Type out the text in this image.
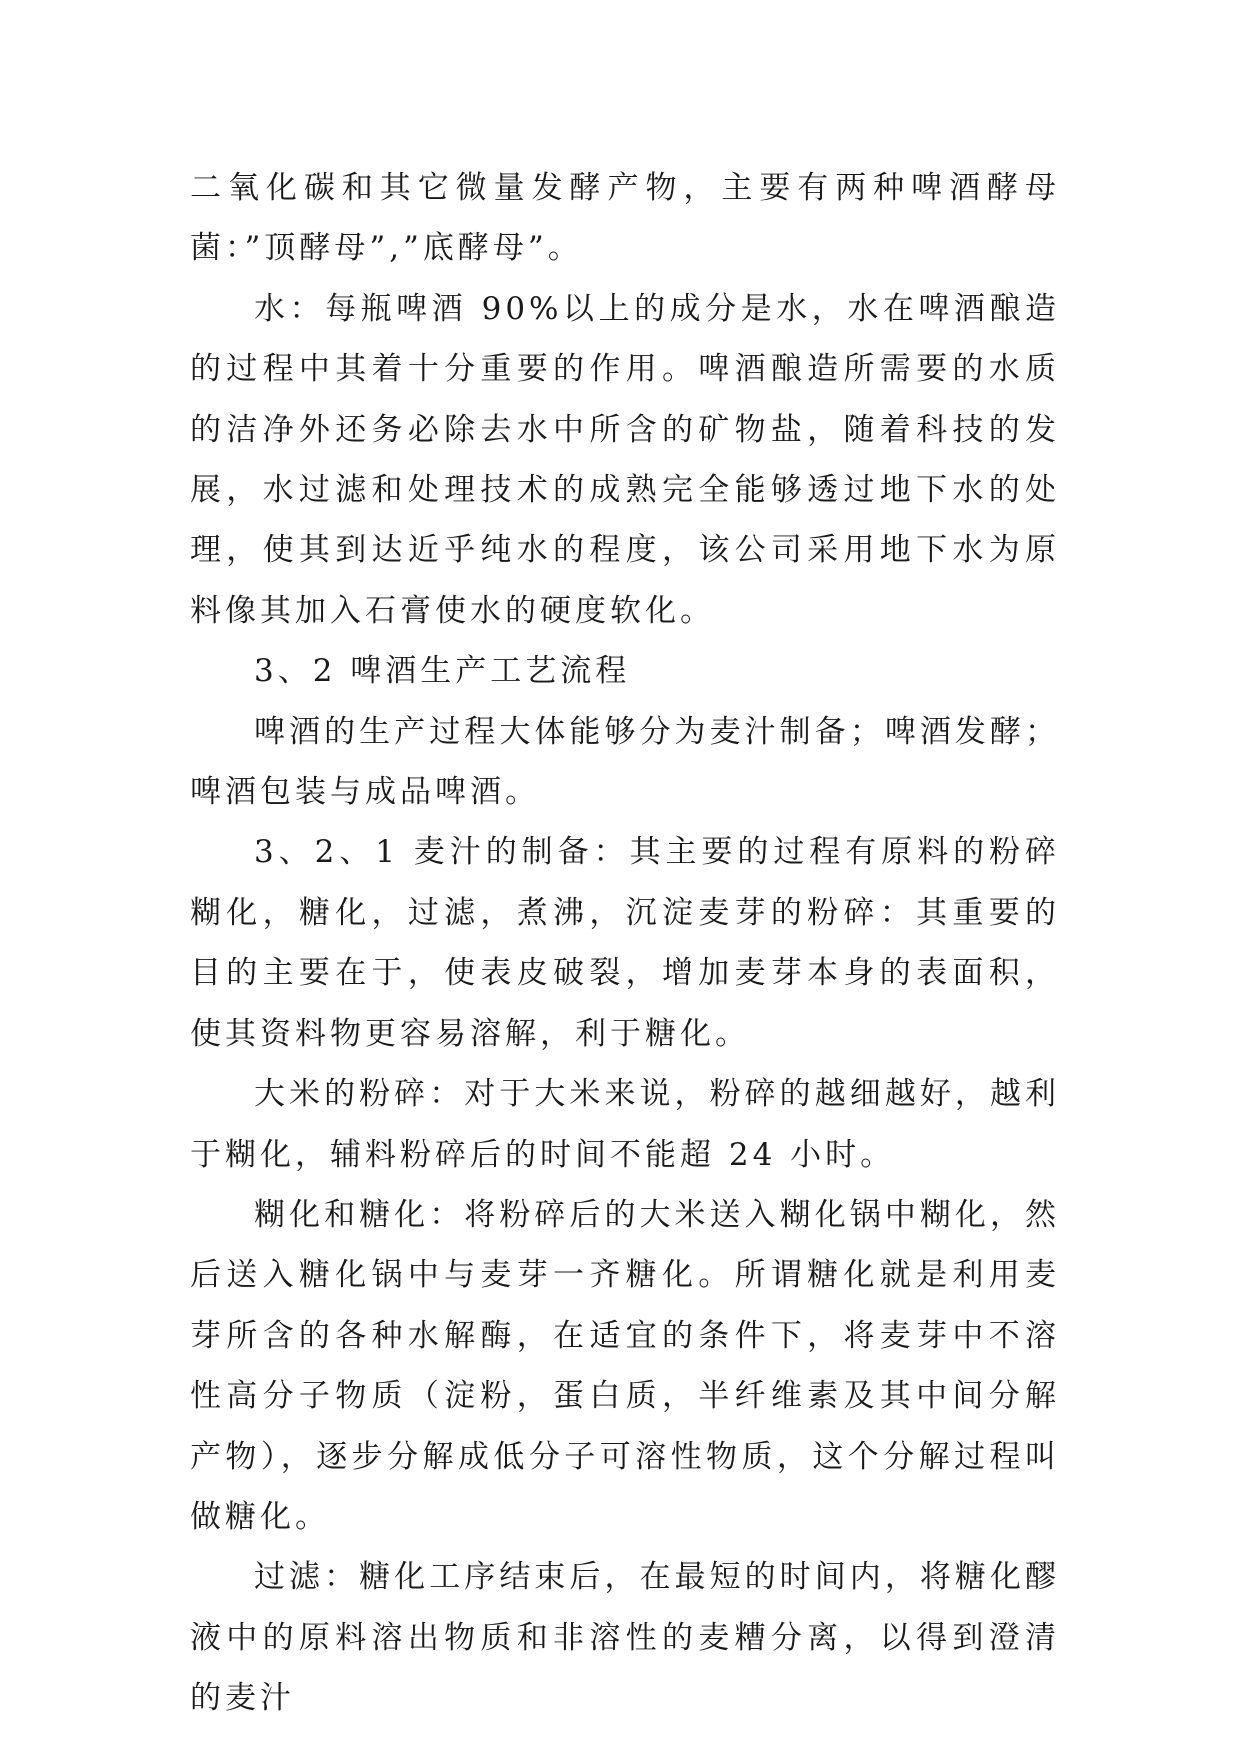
二氧化碳和其它微量发酵产物，主要有两种啤酒酵母菌：”顶酵母”,”底酵母”。

水：每瓶啤酒 90%以上的成分是水，水在啤酒酿造的过程中其着十分重要的作用。啤酒酿造所需要的水质的洁净外还务必除去水中所含的矿物盐，随着科技的发展，水过滤和处理技术的成熟完全能够透过地下水的处理，使其到达近乎纯水的程度，该公司采用地下水为原料像其加入石膏使水的硬度软化。

3、2 啤酒生产工艺流程

啤酒的生产过程大体能够分为麦汁制备；啤酒发酵；啤酒包装与成品啤酒。

3、2、1 麦汁的制备：其主要的过程有原料的粉碎糊化，糖化，过滤，煮沸，沉淀麦芽的粉碎：其重要的目的主要在于，使表皮破裂，增加麦芽本身的表面积，使其资料物更容易溶解，利于糖化。

大米的粉碎：对于大米来说，粉碎的越细越好，越利于糊化，辅料粉碎后的时间不能超 24 小时。

糊化和糖化：将粉碎后的大米送入糊化锅中糊化，然后送入糖化锅中与麦芽一齐糖化。所谓糖化就是利用麦芽所含的各种水解酶，在适宜的条件下，将麦芽中不溶性高分子物质（淀粉，蛋白质，半纤维素及其中间分解产物），逐步分解成低分子可溶性物质，这个分解过程叫做糖化。

过滤：糖化工序结束后，在最短的时间内，将糖化醪液中的原料溶出物质和非溶性的麦糟分离，以得到澄清的麦汁
